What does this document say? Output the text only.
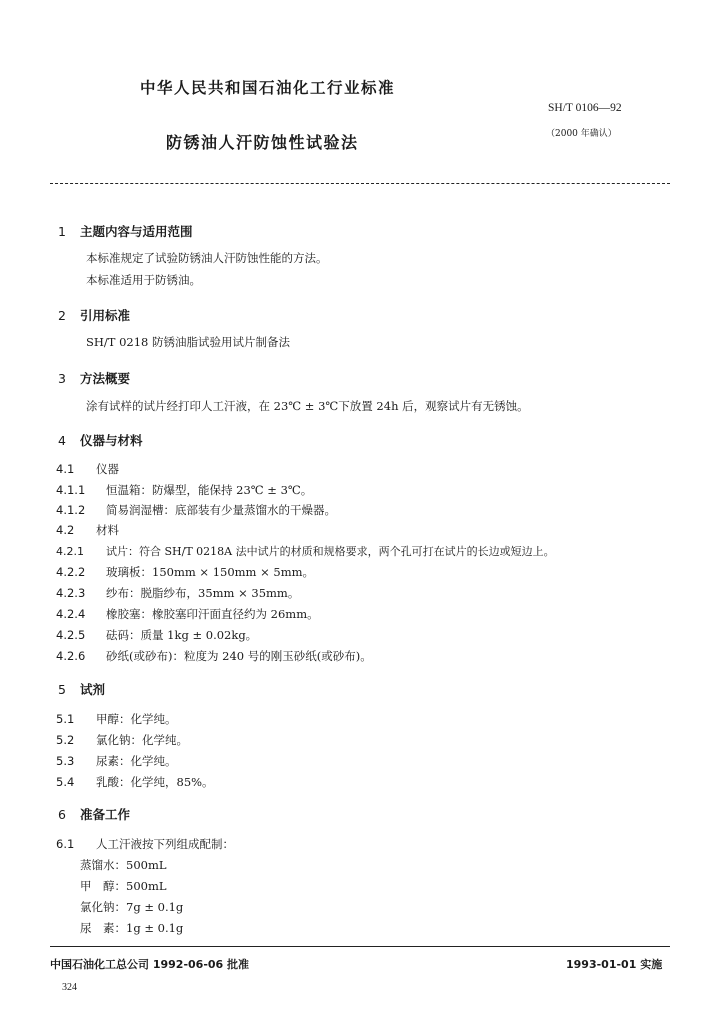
中华人民共和国石油化工行业标准
SH/T 0106—92
防锈油人汗防蚀性试验法	（2000 年确认）
1 主题内容与适用范围
本标准规定了试验防锈油人汗防蚀性能的方法。
本标准适用于防锈油。
2 引用标准
SH/T 0218 防锈油脂试验用试片制备法
3 方法概要
涂有试样的试片经打印人工汗液，在 23℃ ± 3℃下放置 24h 后，观察试片有无锈蚀。
4 仪器与材料
4.1 仪器
4.1.1 恒温箱：防爆型，能保持 23℃ ± 3℃。
4.1.2 简易润湿槽：底部装有少量蒸馏水的干燥器。
4.2 材料
4.2.1 试片：符合 SH/T 0218A 法中试片的材质和规格要求，两个孔可打在试片的长边或短边上。
4.2.2 玻璃板：150mm × 150mm × 5mm。
4.2.3 纱布：脱脂纱布，35mm × 35mm。
4.2.4 橡胶塞：橡胶塞印汗面直径约为 26mm。
4.2.5 砝码：质量 1kg ± 0.02kg。
4.2.6 砂纸(或砂布)：粒度为 240 号的刚玉砂纸(或砂布)。
5 试剂
5.1 甲醇：化学纯。
5.2 氯化钠：化学纯。
5.3 尿素：化学纯。
5.4 乳酸：化学纯，85%。
6 准备工作
6.1 人工汗液按下列组成配制：
蒸馏水：500mL
甲　醇：500mL
氯化钠：7g ± 0.1g
尿　素：1g ± 0.1g
中国石油化工总公司 1992-06-06 批准	1993-01-01 实施
324
